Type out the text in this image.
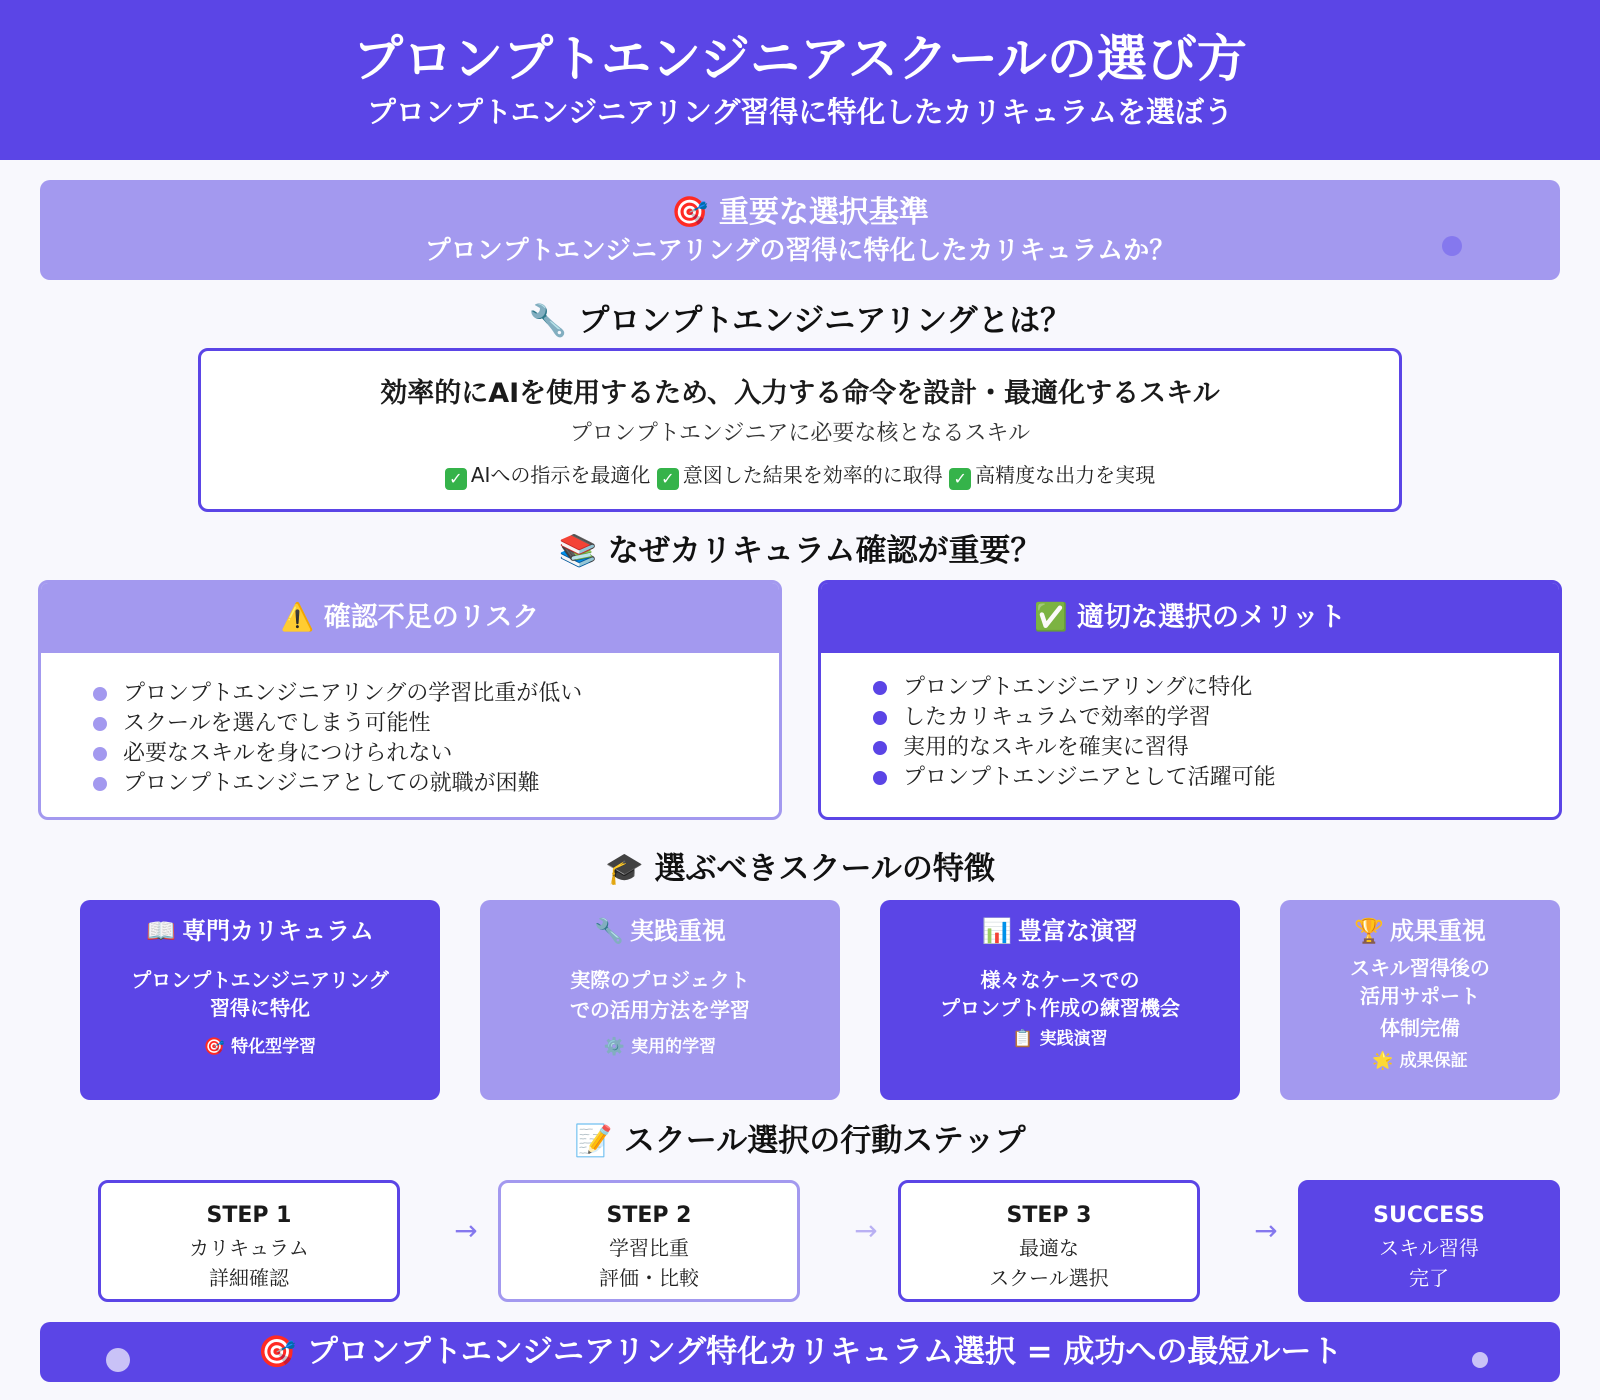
プロンプトエンジニアスクールの選び方
プロンプトエンジニアリング習得に特化したカリキュラムを選ぼう
🎯 重要な選択基準
プロンプトエンジニアリングの習得に特化したカリキュラムか？
🔧 プロンプトエンジニアリングとは？
効率的にAIを使用するため、入力する命令を設計・最適化するスキル
プロンプトエンジニアに必要な核となるスキル
✓ AIへの指示を最適化 ✓ 意図した結果を効率的に取得 ✓ 高精度な出力を実現
📚 なぜカリキュラム確認が重要？
⚠️ 確認不足のリスク
プロンプトエンジニアリングの学習比重が低い
スクールを選んでしまう可能性
必要なスキルを身につけられない
プロンプトエンジニアとしての就職が困難
✅ 適切な選択のメリット
プロンプトエンジニアリングに特化
したカリキュラムで効率的学習
実用的なスキルを確実に習得
プロンプトエンジニアとして活躍可能
🎓 選ぶべきスクールの特徴
📖 専門カリキュラム
プロンプトエンジニアリング
習得に特化
🎯 特化型学習
🔧 実践重視
実際のプロジェクト
での活用方法を学習
⚙️ 実用的学習
📊 豊富な演習
様々なケースでの
プロンプト作成の練習機会
📋 実践演習
🏆 成果重視
スキル習得後の
活用サポート
体制完備
🌟 成果保証
📝 スクール選択の行動ステップ
STEP 1
カリキュラム
詳細確認
→	STEP 2
学習比重
評価・比較
→	STEP 3
最適な
スクール選択
→	SUCCESS
スキル習得
完了
🎯 プロンプトエンジニアリング特化カリキュラム選択 = 成功への最短ルート
